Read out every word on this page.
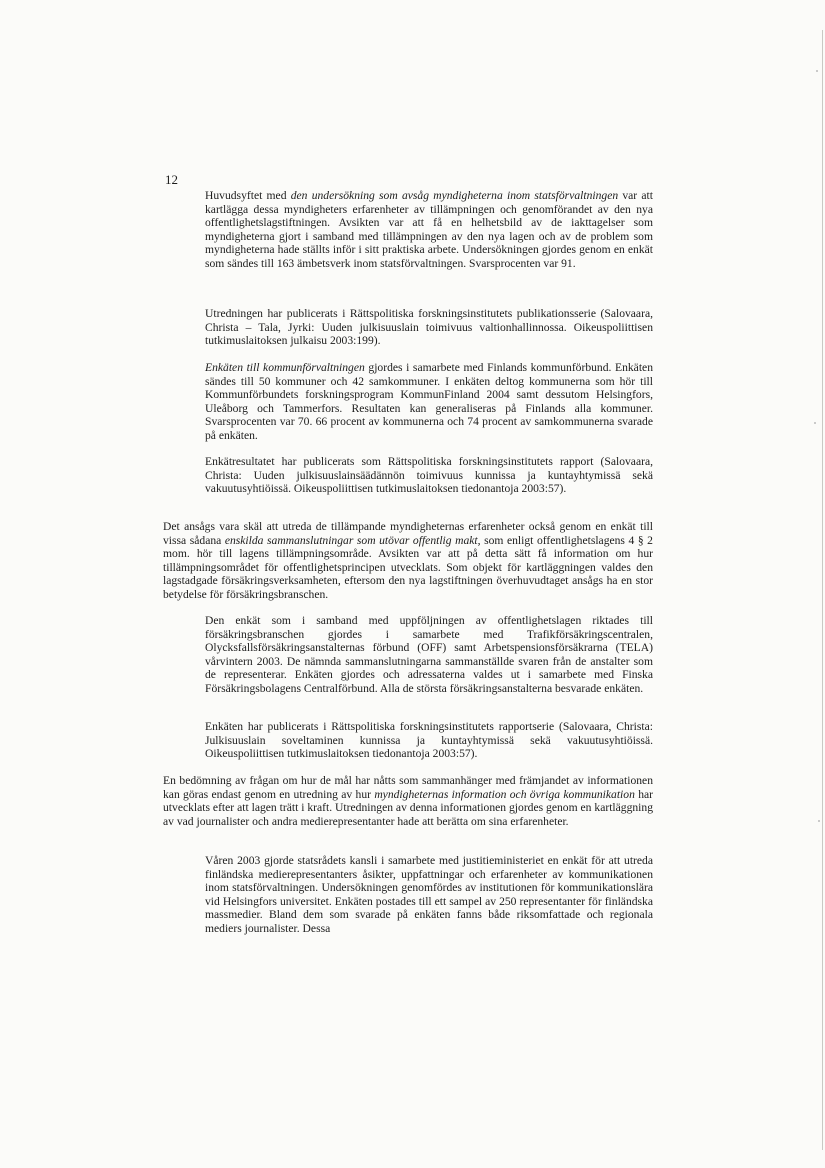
12

Huvudsyftet med den undersökning som avsåg myndigheterna inom statsförvaltningen var att kartlägga dessa myndigheters erfarenheter av tillämpningen och genomförandet av den nya offentlighetslagstiftningen. Avsikten var att få en helhetsbild av de iakttagelser som myndigheterna gjort i samband med tillämpningen av den nya lagen och av de problem som myndigheterna hade ställts inför i sitt praktiska arbete. Undersökningen gjordes genom en enkät som sändes till 163 ämbetsverk inom statsförvaltningen. Svarsprocenten var 91.

Utredningen har publicerats i Rättspolitiska forskningsinstitutets publikationsserie (Salovaara, Christa – Tala, Jyrki: Uuden julkisuuslain toimivuus valtionhallinnossa. Oikeuspoliittisen tutkimuslaitoksen julkaisu 2003:199).

Enkäten till kommunförvaltningen gjordes i samarbete med Finlands kommunförbund. Enkäten sändes till 50 kommuner och 42 samkommuner. I enkäten deltog kommunerna som hör till Kommunförbundets forskningsprogram KommunFinland 2004 samt dessutom Helsingfors, Uleåborg och Tammerfors. Resultaten kan generaliseras på Finlands alla kommuner. Svarsprocenten var 70. 66 procent av kommunerna och 74 procent av samkommunerna svarade på enkäten.

Enkätresultatet har publicerats som Rättspolitiska forskningsinstitutets rapport (Salovaara, Christa: Uuden julkisuuslainsäädännön toimivuus kunnissa ja kuntayhtymissä sekä vakuutusyhtiöissä. Oikeuspoliittisen tutkimuslaitoksen tiedonantoja 2003:57).

Det ansågs vara skäl att utreda de tillämpande myndigheternas erfarenheter också genom en enkät till vissa sådana enskilda sammanslutningar som utövar offentlig makt, som enligt offentlighetslagens 4 § 2 mom. hör till lagens tillämpningsområde. Avsikten var att på detta sätt få information om hur tillämpningsområdet för offentlighetsprincipen utvecklats. Som objekt för kartläggningen valdes den lagstadgade försäkringsverksamheten, eftersom den nya lagstiftningen överhuvudtaget ansågs ha en stor betydelse för försäkringsbranschen.

Den enkät som i samband med uppföljningen av offentlighetslagen riktades till försäkringsbranschen gjordes i samarbete med Trafikförsäkringscentralen, Olycksfallsförsäkringsanstalternas förbund (OFF) samt Arbetspensionsförsäkrarna (TELA) vårvintern 2003. De nämnda sammanslutningarna sammanställde svaren från de anstalter som de representerar. Enkäten gjordes och adressaterna valdes ut i samarbete med Finska Försäkringsbolagens Centralförbund. Alla de största försäkringsanstalterna besvarade enkäten.

Enkäten har publicerats i Rättspolitiska forskningsinstitutets rapportserie (Salovaara, Christa: Julkisuuslain soveltaminen kunnissa ja kuntayhtymissä sekä vakuutusyhtiöissä. Oikeuspoliittisen tutkimuslaitoksen tiedonantoja 2003:57).

En bedömning av frågan om hur de mål har nåtts som sammanhänger med främjandet av informationen kan göras endast genom en utredning av hur myndigheternas information och övriga kommunikation har utvecklats efter att lagen trätt i kraft. Utredningen av denna informationen gjordes genom en kartläggning av vad journalister och andra medierepresentanter hade att berätta om sina erfarenheter.

Våren 2003 gjorde statsrådets kansli i samarbete med justitieministeriet en enkät för att utreda finländska medierepresentanters åsikter, uppfattningar och erfarenheter av kommunikationen inom statsförvaltningen. Undersökningen genomfördes av institutionen för kommunikationslära vid Helsingfors universitet. Enkäten postades till ett sampel av 250 representanter för finländska massmedier. Bland dem som svarade på enkäten fanns både riksomfattade och regionala mediers journalister. Dessa
